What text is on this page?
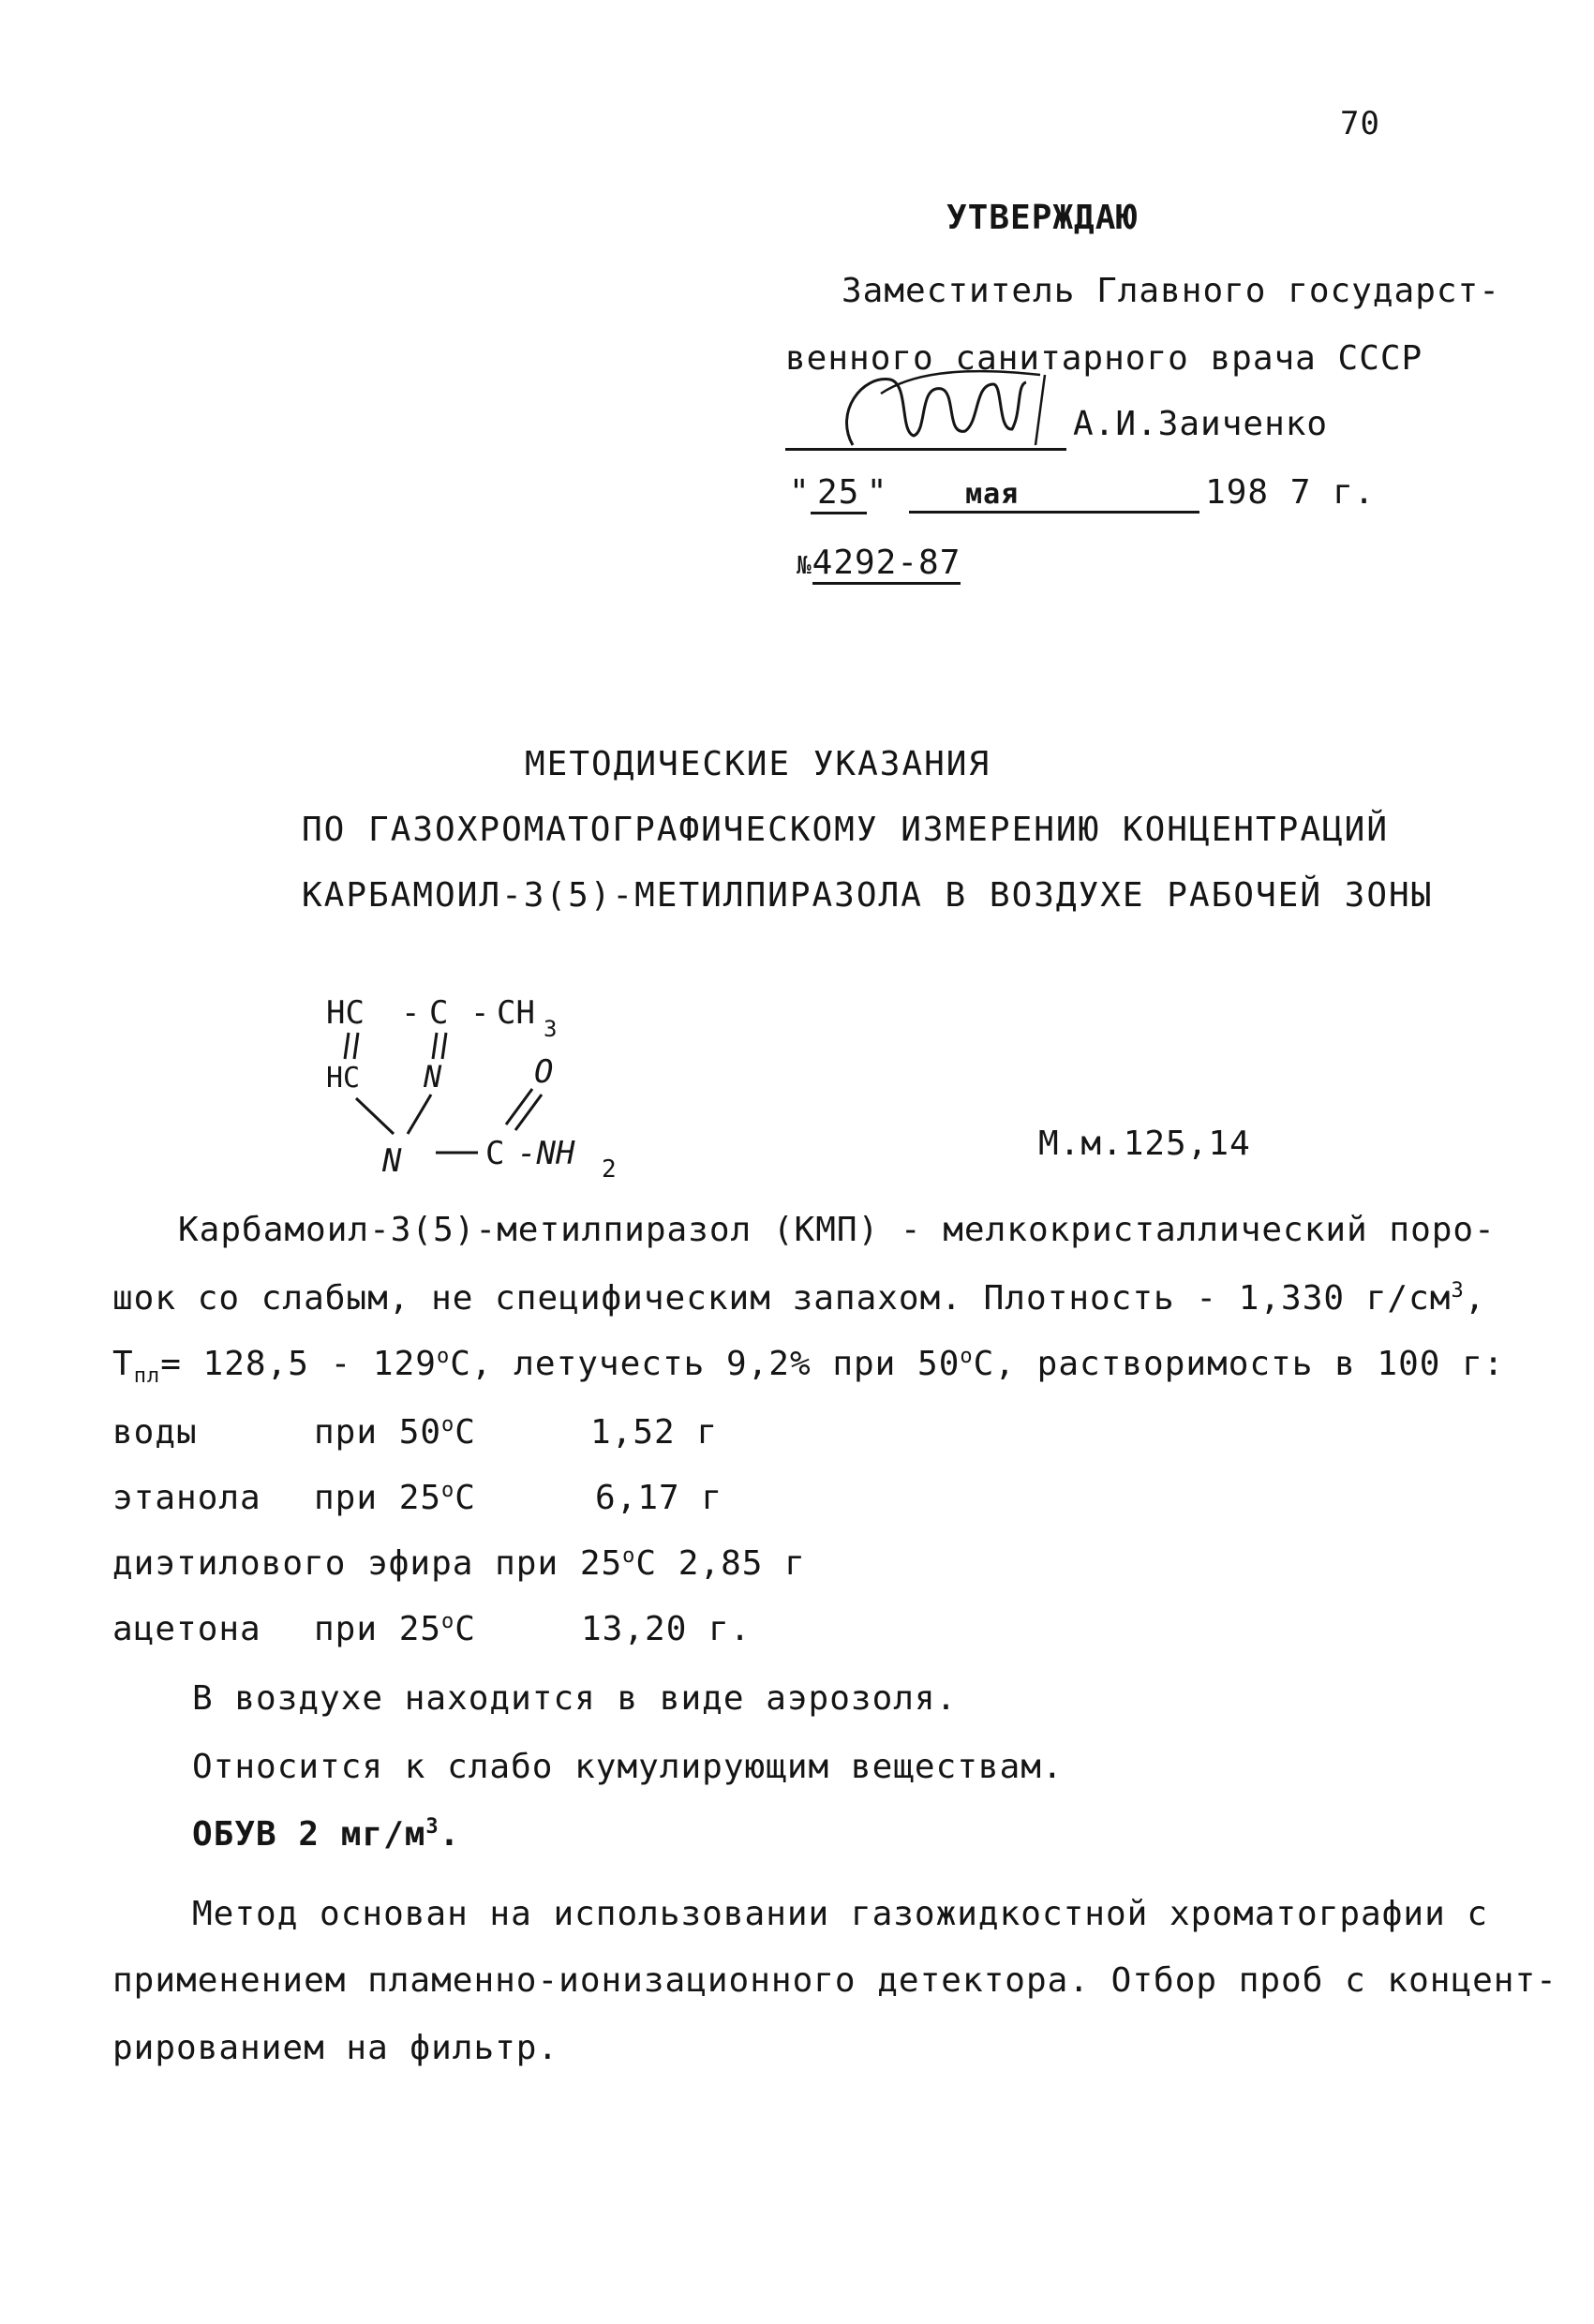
70
УТВЕРЖДАЮ
Заместитель Главного государст-
венного санитарного врача СССР
А.И.Заиченко
" 25 "	мая	198 7 г.
№4292-87
МЕТОДИЧЕСКИЕ УКАЗАНИЯ
ПО ГАЗОХРОМАТОГРАФИЧЕСКОМУ ИЗМЕРЕНИЮ КОНЦЕНТРАЦИЙ
КАРБАМОИЛ-3(5)-МЕТИЛПИРАЗОЛА В ВОЗДУХЕ РАБОЧЕЙ ЗОНЫ
HC - C - CH 3
HC N	O
N	C -NH 2
М.м.125,14
Карбамоил-3(5)-метилпиразол (КМП) - мелкокристаллический поро-
шок со слабым, не специфическим запахом. Плотность - 1,330 $г/см^3$,
$Т_{пл}= 128,5 - 129^оС$, летучесть 9,2% при $50^оС$, растворимость в 100 г:
воды	при $50^оС$	1,52 г
этанола при $25^оС$	6,17 г
диэтилового эфира при $25^оС$ 2,85 г
ацетона при $25^оС$	13,20 г.
В воздухе находится в виде аэрозоля.
Относится к слабо кумулирующим веществам.
ОБУВ 2 $мг/м^3$.
Метод основан на использовании газожидкостной хроматографии с
применением пламенно-ионизационного детектора. Отбор проб с концент-
рированием на фильтр.
